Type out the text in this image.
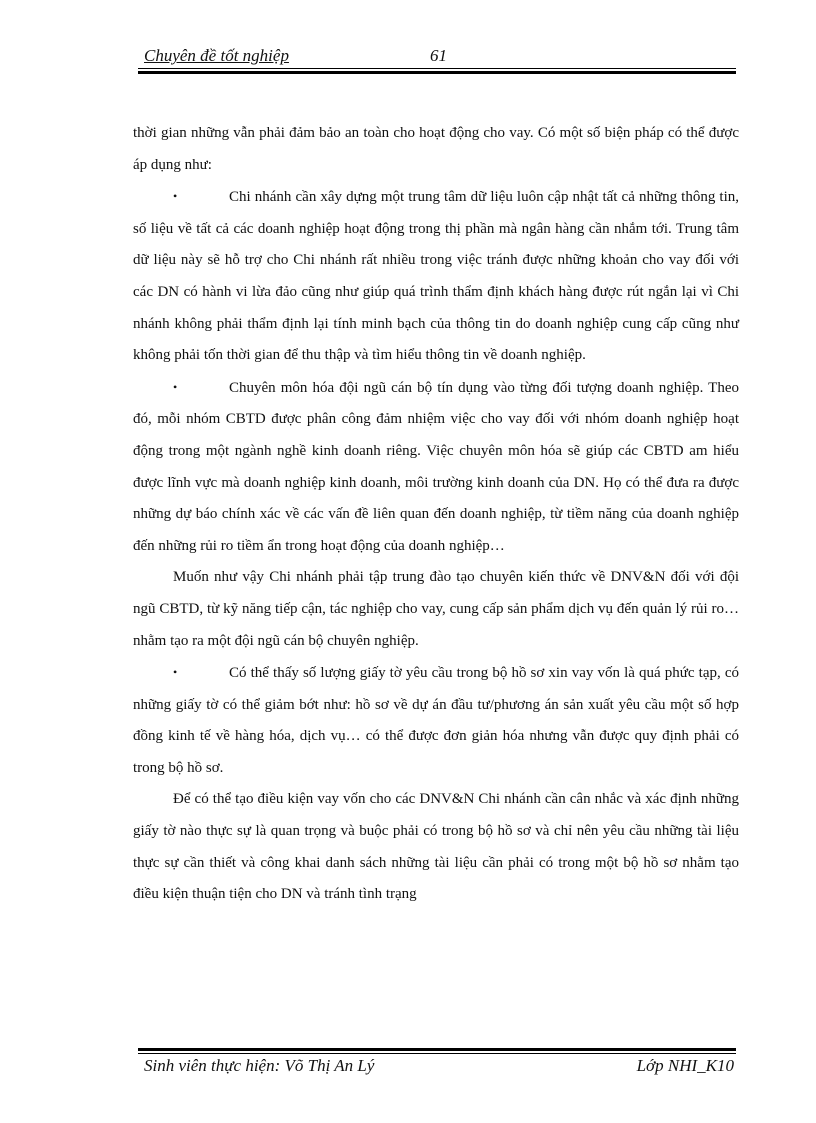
Chuyên đề tốt nghiệp	61

thời gian những vẫn phải đảm bảo an toàn cho hoạt động cho vay. Có một số biện pháp có thể được áp dụng như:

•	Chi nhánh cần xây dựng một trung tâm dữ liệu luôn cập nhật tất cả những thông tin, số liệu về tất cả các doanh nghiệp hoạt động trong thị phần mà ngân hàng cần nhắm tới. Trung tâm dữ liệu này sẽ hỗ trợ cho Chi nhánh rất nhiều trong việc tránh được những khoản cho vay đối với các DN có hành vi lừa đảo cũng như giúp quá trình thẩm định khách hàng được rút ngắn lại vì Chi nhánh không phải thẩm định lại tính minh bạch của thông tin do doanh nghiệp cung cấp cũng như không phải tốn thời gian để thu thập và tìm hiểu thông tin về doanh nghiệp.

•	Chuyên môn hóa đội ngũ cán bộ tín dụng vào từng đối tượng doanh nghiệp. Theo đó, mỗi nhóm CBTD được phân công đảm nhiệm việc cho vay đối với nhóm doanh nghiệp hoạt động trong một ngành nghề kinh doanh riêng. Việc chuyên môn hóa sẽ giúp các CBTD am hiểu được lĩnh vực mà doanh nghiệp kinh doanh, môi trường kinh doanh của DN. Họ có thể đưa ra được những dự báo chính xác về các vấn đề liên quan đến doanh nghiệp, từ tiềm năng của doanh nghiệp đến những rủi ro tiềm ẩn trong hoạt động của doanh nghiệp…

Muốn như vậy Chi nhánh phải tập trung đào tạo chuyên kiến thức về DNV&N đối với đội ngũ CBTD, từ kỹ năng tiếp cận, tác nghiệp cho vay, cung cấp sản phẩm dịch vụ đến quản lý rủi ro… nhằm tạo ra một đội ngũ cán bộ chuyên nghiệp.

•	Có thể thấy số lượng giấy tờ yêu cầu trong bộ hồ sơ xin vay vốn là quá phức tạp, có những giấy tờ có thể giảm bớt như: hồ sơ về dự án đầu tư/phương án sản xuất yêu cầu một số hợp đồng kinh tế về hàng hóa, dịch vụ… có thể được đơn giản hóa nhưng vẫn được quy định phải có trong bộ hồ sơ.

Để có thể tạo điều kiện vay vốn cho các DNV&N Chi nhánh cần cân nhắc và xác định những giấy tờ nào thực sự là quan trọng và buộc phải có trong bộ hồ sơ và chỉ nên yêu cầu những tài liệu thực sự cần thiết và công khai danh sách những tài liệu cần phải có trong một bộ hồ sơ nhằm tạo điều kiện thuận tiện cho DN và tránh tình trạng

Sinh viên thực hiện: Võ Thị An Lý	Lớp NHI_K10
